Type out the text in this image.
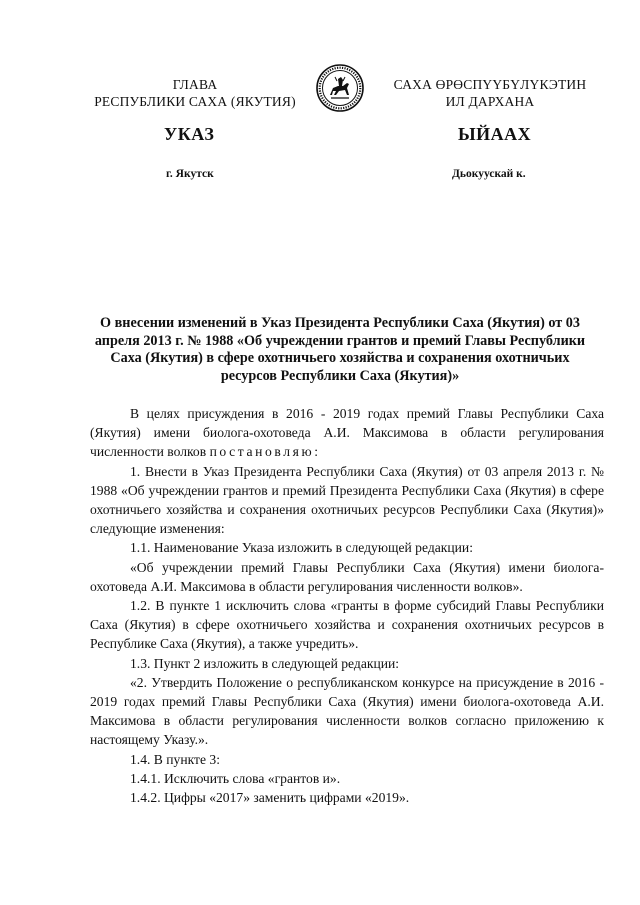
ГЛАВА
РЕСПУБЛИКИ САХА (ЯКУТИЯ)
САХА ӨРӨСПҮҮБҮЛҮКЭТИН
ИЛ ДАРХАНА
УКАЗ	ЫЙААХ
г. Якутск	Дьокуускай к.
О внесении изменений в Указ Президента Республики Саха (Якутия) от 03 апреля 2013 г. № 1988 «Об учреждении грантов и премий Главы Республики Саха (Якутия) в сфере охотничьего хозяйства и сохранения охотничьих ресурсов Республики Саха (Якутия)»

В целях присуждения в 2016 - 2019 годах премий Главы Республики Саха (Якутия) имени биолога-охотоведа А.И. Максимова в области регулирования численности волков постановляю:

1. Внести в Указ Президента Республики Саха (Якутия) от 03 апреля 2013 г. № 1988 «Об учреждении грантов и премий Президента Республики Саха (Якутия) в сфере охотничьего хозяйства и сохранения охотничьих ресурсов Республики Саха (Якутия)» следующие изменения:

1.1. Наименование Указа изложить в следующей редакции:

«Об учреждении премий Главы Республики Саха (Якутия) имени биолога-охотоведа А.И. Максимова в области регулирования численности волков».

1.2. В пункте 1 исключить слова «гранты в форме субсидий Главы Республики Саха (Якутия) в сфере охотничьего хозяйства и сохранения охотничьих ресурсов в Республике Саха (Якутия), а также учредить».

1.3. Пункт 2 изложить в следующей редакции:

«2. Утвердить Положение о республиканском конкурсе на присуждение в 2016 - 2019 годах премий Главы Республики Саха (Якутия) имени биолога-охотоведа А.И. Максимова в области регулирования численности волков согласно приложению к настоящему Указу.».

1.4. В пункте 3:

1.4.1. Исключить слова «грантов и».

1.4.2. Цифры «2017» заменить цифрами «2019».
